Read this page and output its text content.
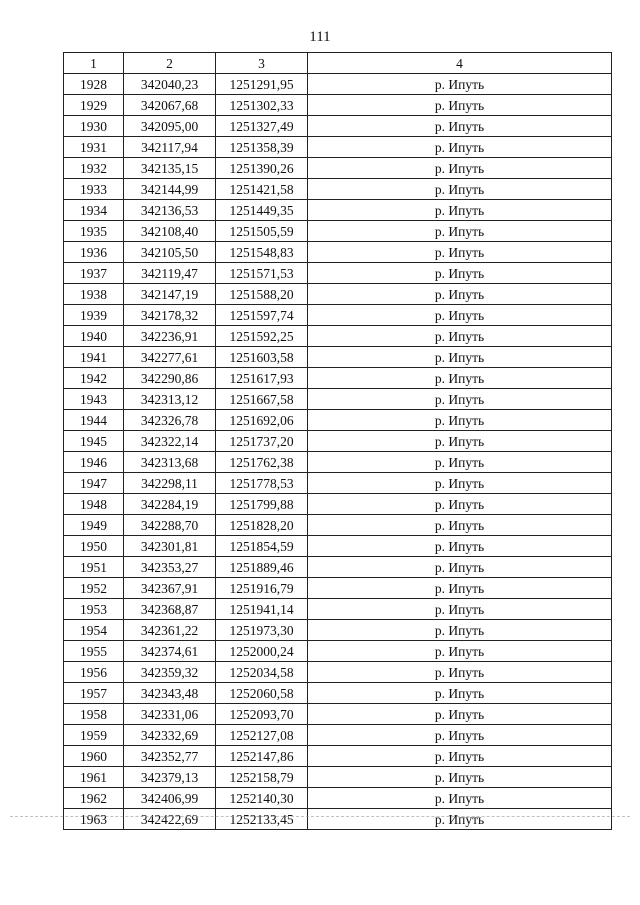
111
1	2	3	4
1928	342040,23	1251291,95	р. Ипуть
1929	342067,68	1251302,33	р. Ипуть
1930	342095,00	1251327,49	р. Ипуть
1931	342117,94	1251358,39	р. Ипуть
1932	342135,15	1251390,26	р. Ипуть
1933	342144,99	1251421,58	р. Ипуть
1934	342136,53	1251449,35	р. Ипуть
1935	342108,40	1251505,59	р. Ипуть
1936	342105,50	1251548,83	р. Ипуть
1937	342119,47	1251571,53	р. Ипуть
1938	342147,19	1251588,20	р. Ипуть
1939	342178,32	1251597,74	р. Ипуть
1940	342236,91	1251592,25	р. Ипуть
1941	342277,61	1251603,58	р. Ипуть
1942	342290,86	1251617,93	р. Ипуть
1943	342313,12	1251667,58	р. Ипуть
1944	342326,78	1251692,06	р. Ипуть
1945	342322,14	1251737,20	р. Ипуть
1946	342313,68	1251762,38	р. Ипуть
1947	342298,11	1251778,53	р. Ипуть
1948	342284,19	1251799,88	р. Ипуть
1949	342288,70	1251828,20	р. Ипуть
1950	342301,81	1251854,59	р. Ипуть
1951	342353,27	1251889,46	р. Ипуть
1952	342367,91	1251916,79	р. Ипуть
1953	342368,87	1251941,14	р. Ипуть
1954	342361,22	1251973,30	р. Ипуть
1955	342374,61	1252000,24	р. Ипуть
1956	342359,32	1252034,58	р. Ипуть
1957	342343,48	1252060,58	р. Ипуть
1958	342331,06	1252093,70	р. Ипуть
1959	342332,69	1252127,08	р. Ипуть
1960	342352,77	1252147,86	р. Ипуть
1961	342379,13	1252158,79	р. Ипуть
1962	342406,99	1252140,30	р. Ипуть
1963	342422,69	1252133,45	р. Ипуть
